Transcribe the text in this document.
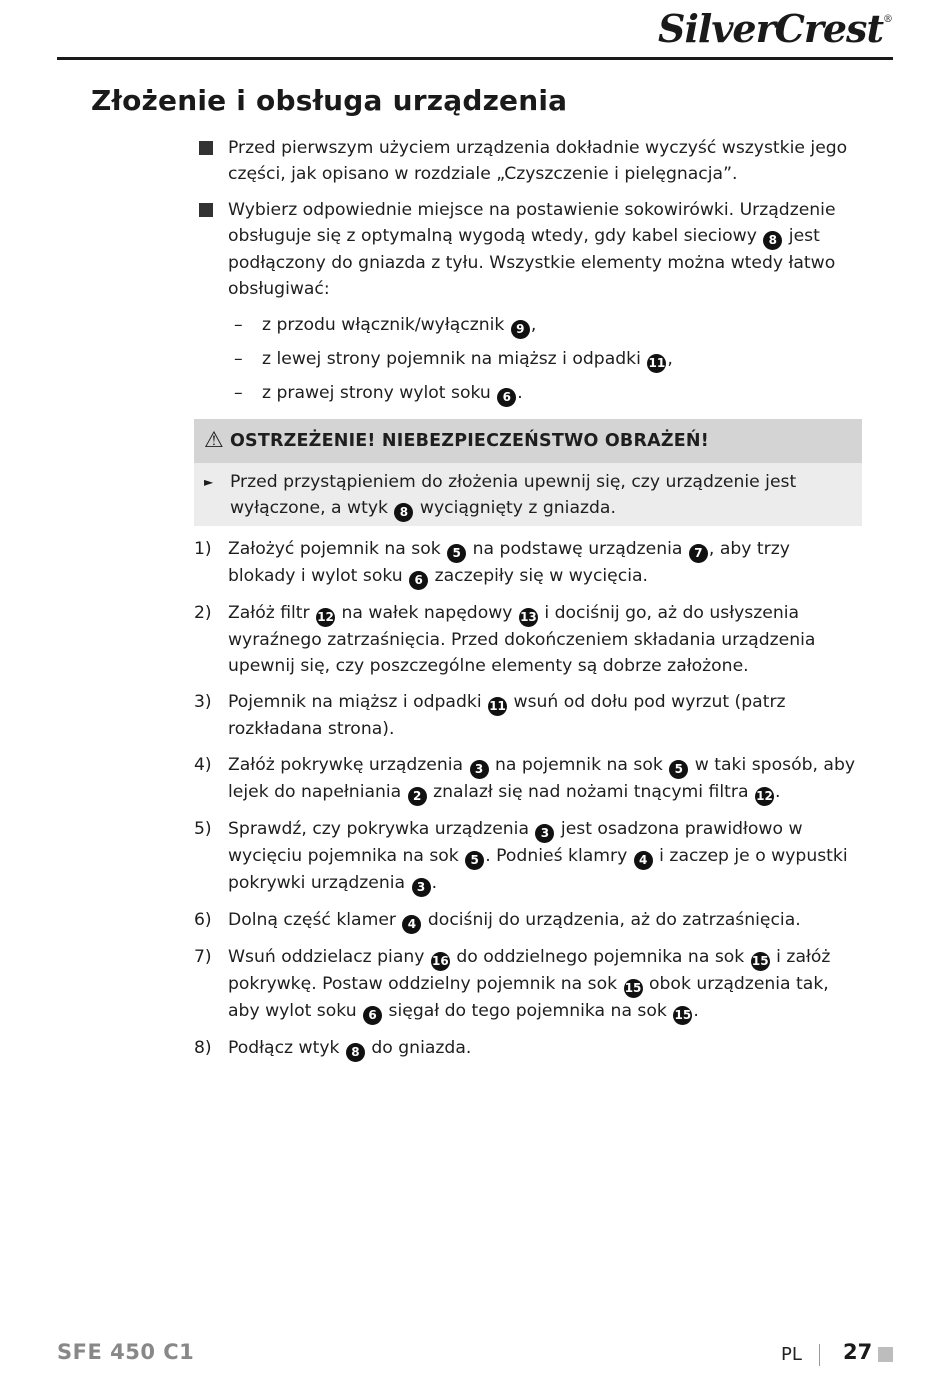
SilverCrest®
Złożenie i obsługa urządzenia
Przed pierwszym użyciem urządzenia dokładnie wyczyść wszystkie jego części, jak opisano w rozdziale „Czyszczenie i pielęgnacja”.
Wybierz odpowiednie miejsce na postawienie sokowirówki. Urządzenie obsługuje się z optymalną wygodą wtedy, gdy kabel sieciowy 8 jest podłączony do gniazda z tyłu. Wszystkie elementy można wtedy łatwo obsługiwać:
– z przodu włącznik/wyłącznik 9 ,
– z lewej strony pojemnik na miąższ i odpadki 11 ,
– z prawej strony wylot soku 6 .
⚠ OSTRZEŻENIE! NIEBEZPIECZEŃSTWO OBRAŻEŃ!
► Przed przystąpieniem do złożenia upewnij się, czy urządzenie jest wyłączone, a wtyk 8 wyciągnięty z gniazda.
1) Założyć pojemnik na sok 5 na podstawę urządzenia 7 , aby trzy blokady i wylot soku 6 zaczepiły się w wycięcia.
2) Załóż filtr 12 na wałek napędowy 13 i dociśnij go, aż do usłyszenia wyraźnego zatrzaśnięcia. Przed dokończeniem składania urządzenia upewnij się, czy poszczególne elementy są dobrze założone.
3) Pojemnik na miąższ i odpadki 11 wsuń od dołu pod wyrzut (patrz rozkładana strona).
4) Załóż pokrywkę urządzenia 3 na pojemnik na sok 5 w taki sposób, aby lejek do napełniania 2 znalazł się nad nożami tnącymi filtra 12 .
5) Sprawdź, czy pokrywka urządzenia 3 jest osadzona prawidłowo w wycięciu pojemnika na sok 5 . Podnieś klamry 4 i zaczep je o wypustki pokrywki urządzenia 3 .
6) Dolną część klamer 4 dociśnij do urządzenia, aż do zatrzaśnięcia.
7) Wsuń oddzielacz piany 16 do oddzielnego pojemnika na sok 15 i załóż pokrywkę. Postaw oddzielny pojemnik na sok 15 obok urządzenia tak, aby wylot soku 6 sięgał do tego pojemnika na sok 15 .
8) Podłącz wtyk 8 do gniazda.
SFE 450 C1	PL 27
